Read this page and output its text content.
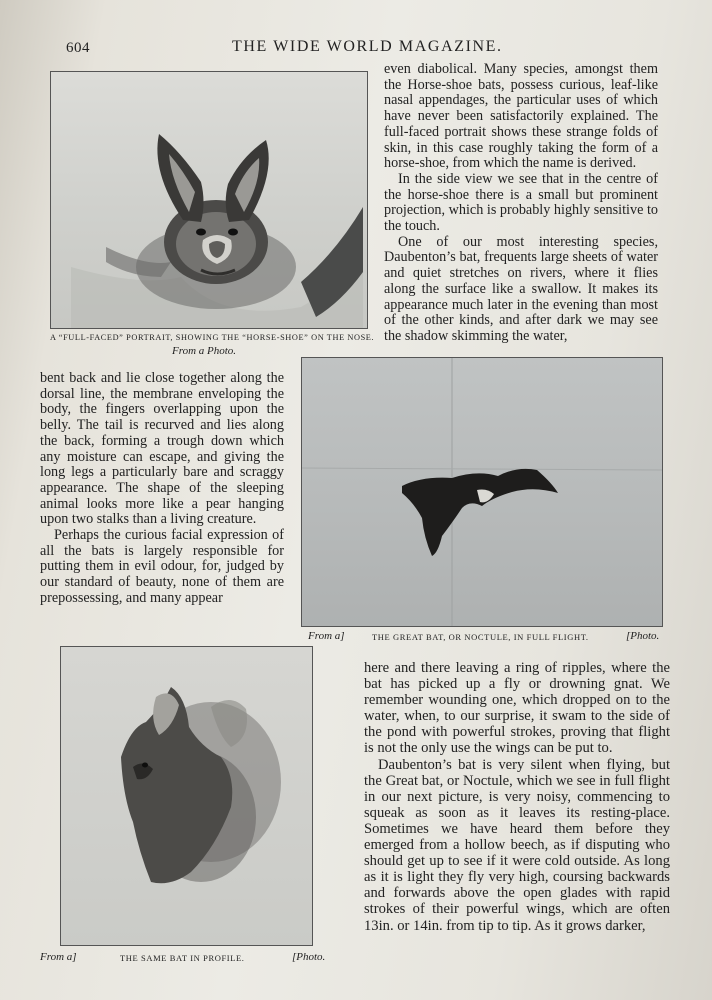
604	THE WIDE WORLD MAGAZINE.
A “FULL-FACED” PORTRAIT, SHOWING THE “HORSE-SHOE” ON THE NOSE.
From a Photo.

even diabolical. Many species, amongst them the Horse-shoe bats, possess curious, leaf-like nasal appendages, the particular uses of which have never been satisfactorily explained. The full-faced portrait shows these strange folds of skin, in this case roughly taking the form of a horse-shoe, from which the name is derived.

In the side view we see that in the centre of the horse-shoe there is a small but prominent projection, which is probably highly sensitive to the touch.

One of our most interesting species, Daubenton’s bat, frequents large sheets of water and quiet stretches on rivers, where it flies along the surface like a swallow. It makes its appearance much later in the evening than most of the other kinds, and after dark we may see the shadow skimming the water,

bent back and lie close together along the dorsal line, the membrane enveloping the body, the fingers overlapping upon the belly. The tail is recurved and lies along the back, forming a trough down which any moisture can escape, and giving the long legs a particularly bare and scraggy appearance. The shape of the sleeping animal looks more like a pear hanging upon two stalks than a living creature.

Perhaps the curious facial expression of all the bats is largely responsible for putting them in evil odour, for, judged by our standard of beauty, none of them are prepossessing, and many appear

From a]	THE GREAT BAT, OR NOCTULE, IN FULL FLIGHT.	[Photo.
From a]	THE SAME BAT IN PROFILE.	[Photo.

here and there leaving a ring of ripples, where the bat has picked up a fly or drowning gnat. We remember wounding one, which dropped on to the water, when, to our surprise, it swam to the side of the pond with powerful strokes, proving that flight is not the only use the wings can be put to.

Daubenton’s bat is very silent when flying, but the Great bat, or Noctule, which we see in full flight in our next picture, is very noisy, commencing to squeak as soon as it leaves its resting-place. Sometimes we have heard them before they emerged from a hollow beech, as if disputing who should get up to see if it were cold outside. As long as it is light they fly very high, coursing backwards and forwards above the open glades with rapid strokes of their powerful wings, which are often 13in. or 14in. from tip to tip. As it grows darker,
